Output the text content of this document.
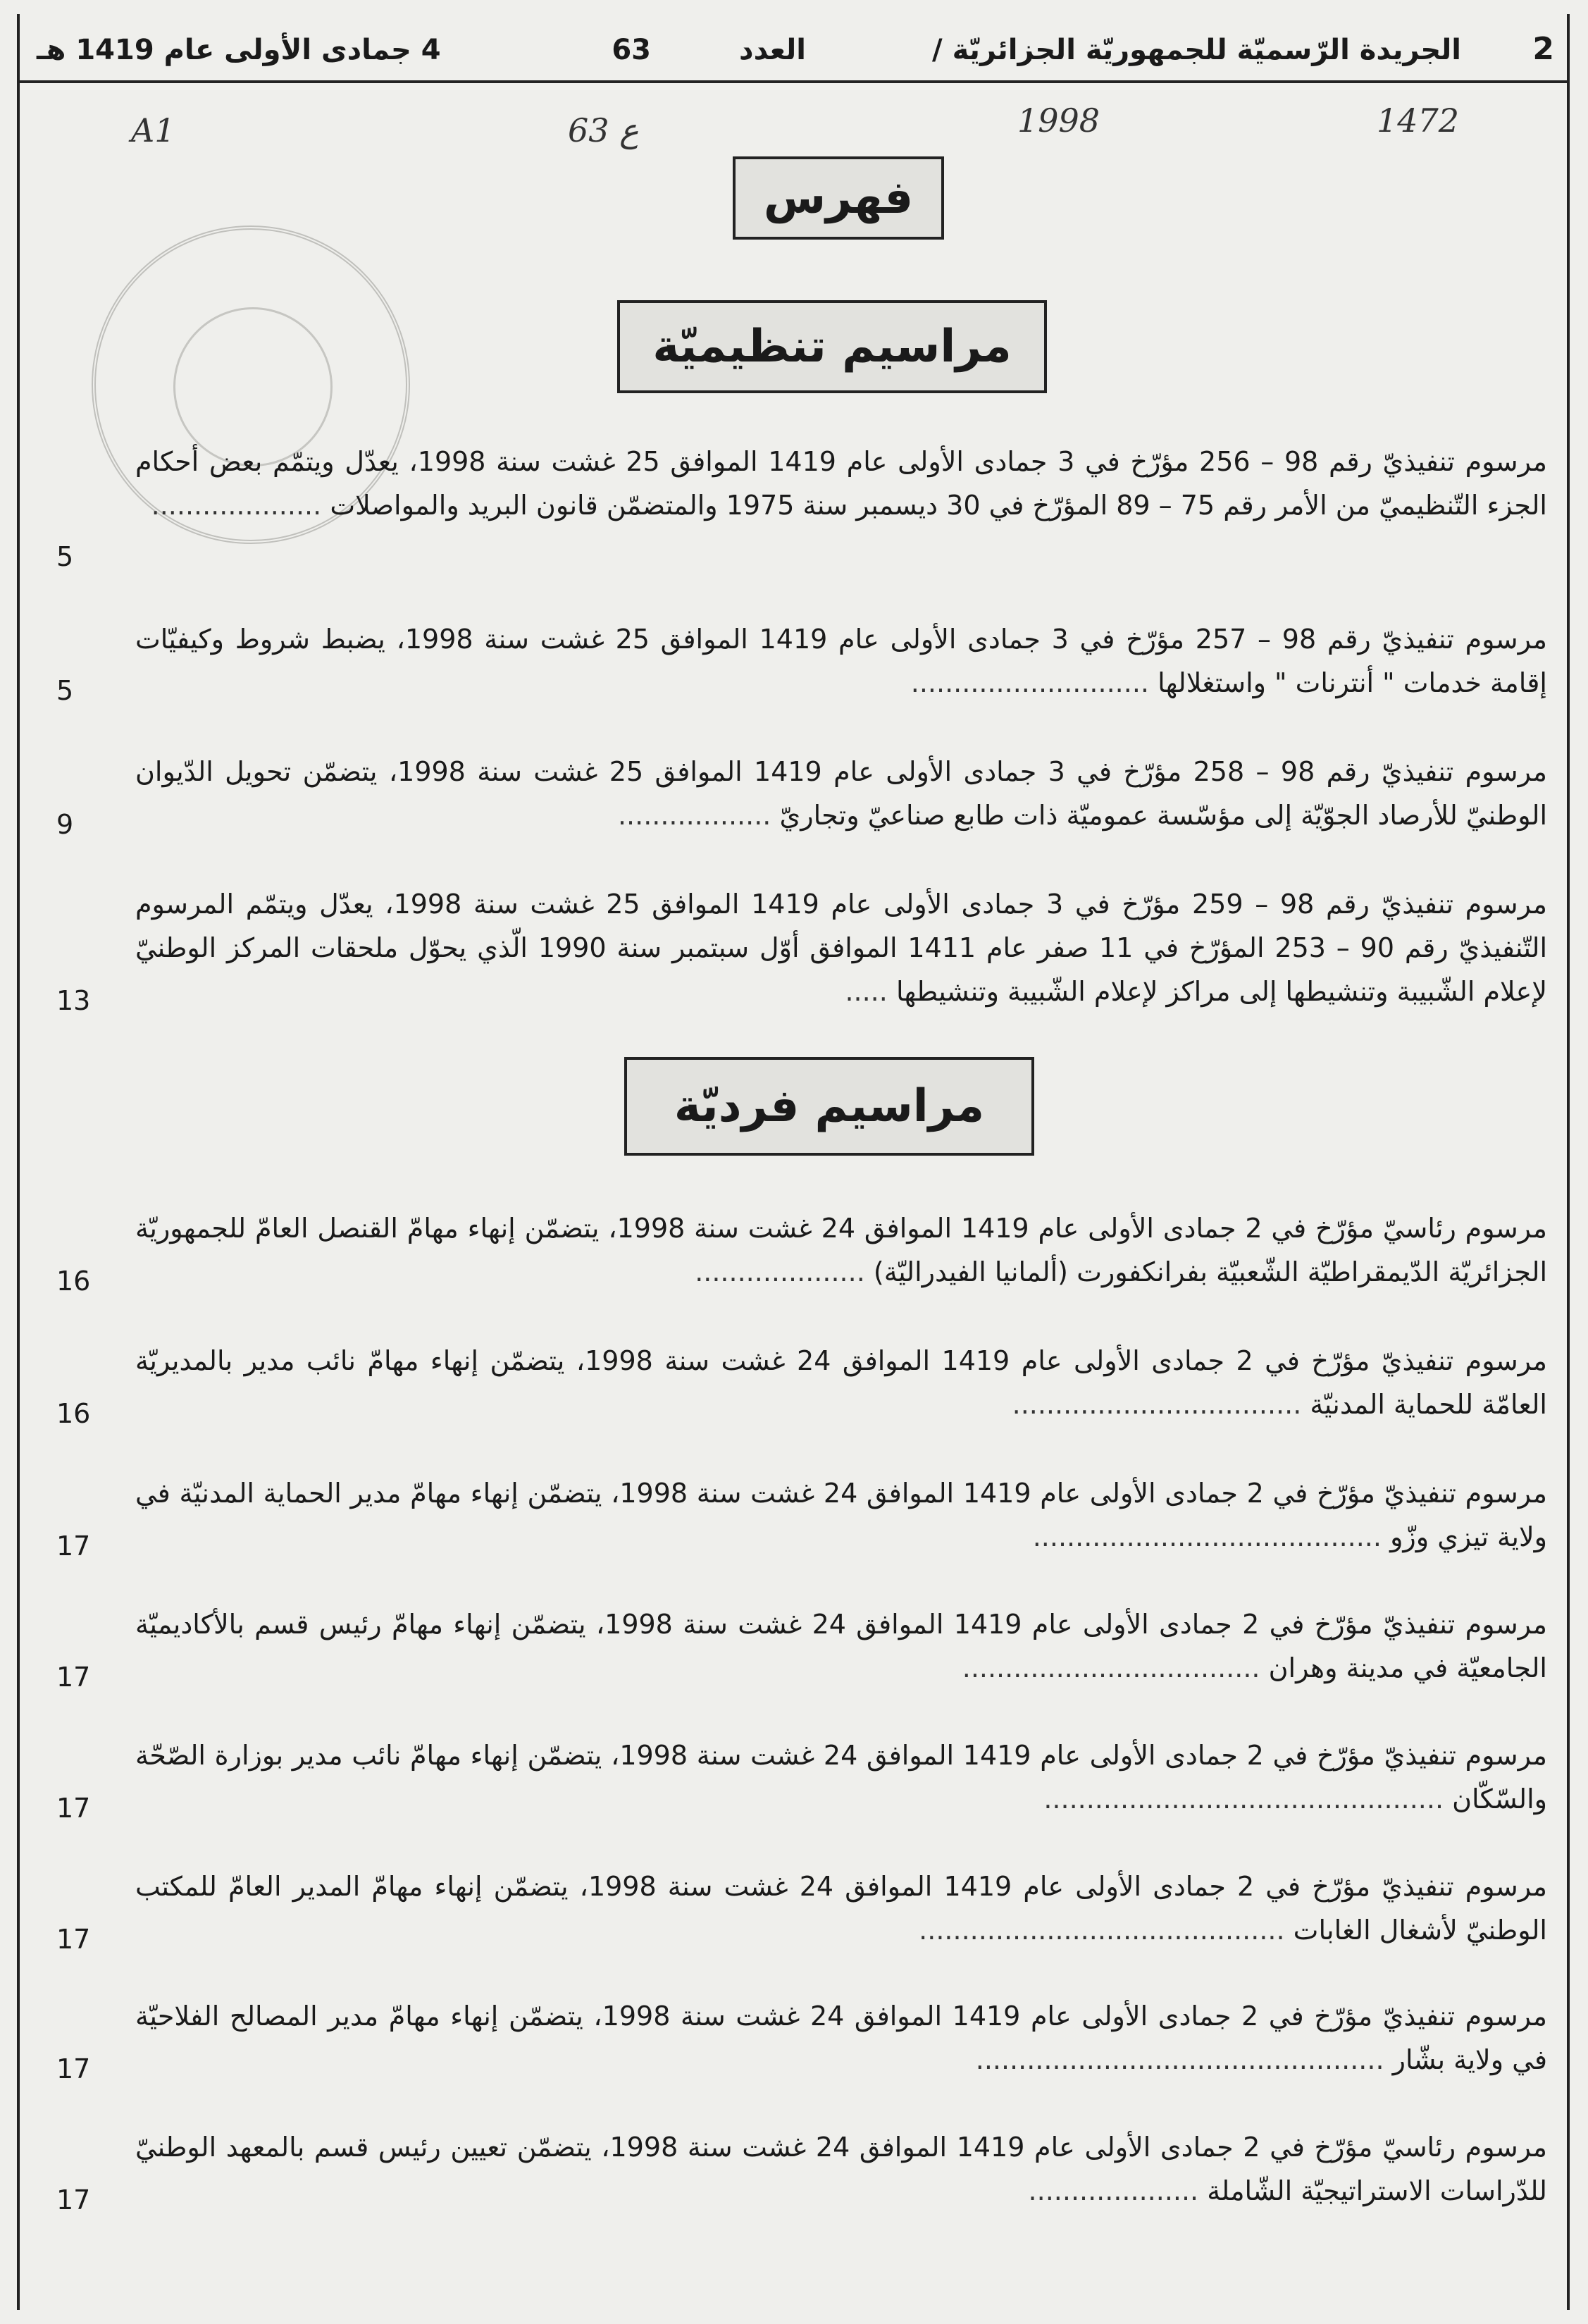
2
الجريدة الرّسميّة للجمهوريّة الجزائريّة /
العدد
63
4 جمادى الأولى عام 1419 هـ
A1	63 ع	1998	1472
فهرس
مراسيم تنظيميّة
مراسيم فرديّة
مرسوم تنفيذيّ رقم 98 – 256 مؤرّخ في 3 جمادى الأولى عام 1419 الموافق 25 غشت سنة 1998، يعدّل ويتمّم بعض أحكام الجزء التّنظيميّ من الأمر رقم 75 – 89 المؤرّخ في 30 ديسمبر سنة 1975 والمتضمّن قانون البريد والمواصلات ....................
5
مرسوم تنفيذيّ رقم 98 – 257 مؤرّخ في 3 جمادى الأولى عام 1419 الموافق 25 غشت سنة 1998، يضبط شروط وكيفيّات إقامة خدمات " أنترنات " واستغلالها ............................
5
مرسوم تنفيذيّ رقم 98 – 258 مؤرّخ في 3 جمادى الأولى عام 1419 الموافق 25 غشت سنة 1998، يتضمّن تحويل الدّيوان الوطنيّ للأرصاد الجوّيّة إلى مؤسّسة عموميّة ذات طابع صناعيّ وتجاريّ ..................
9
مرسوم تنفيذيّ رقم 98 – 259 مؤرّخ في 3 جمادى الأولى عام 1419 الموافق 25 غشت سنة 1998، يعدّل ويتمّم المرسوم التّنفيذيّ رقم 90 – 253 المؤرّخ في 11 صفر عام 1411 الموافق أوّل سبتمبر سنة 1990 الّذي يحوّل ملحقات المركز الوطنيّ لإعلام الشّبيبة وتنشيطها إلى مراكز لإعلام الشّبيبة وتنشيطها .....
13
مرسوم رئاسيّ مؤرّخ في 2 جمادى الأولى عام 1419 الموافق 24 غشت سنة 1998، يتضمّن إنهاء مهامّ القنصل العامّ للجمهوريّة الجزائريّة الدّيمقراطيّة الشّعبيّة بفرانكفورت (ألمانيا الفيدراليّة) ....................
16
مرسوم تنفيذيّ مؤرّخ في 2 جمادى الأولى عام 1419 الموافق 24 غشت سنة 1998، يتضمّن إنهاء مهامّ نائب مدير بالمديريّة العامّة للحماية المدنيّة ..................................
16
مرسوم تنفيذيّ مؤرّخ في 2 جمادى الأولى عام 1419 الموافق 24 غشت سنة 1998، يتضمّن إنهاء مهامّ مدير الحماية المدنيّة في ولاية تيزي وزّو .........................................
17
مرسوم تنفيذيّ مؤرّخ في 2 جمادى الأولى عام 1419 الموافق 24 غشت سنة 1998، يتضمّن إنهاء مهامّ رئيس قسم بالأكاديميّة الجامعيّة في مدينة وهران ...................................
17
مرسوم تنفيذيّ مؤرّخ في 2 جمادى الأولى عام 1419 الموافق 24 غشت سنة 1998، يتضمّن إنهاء مهامّ نائب مدير بوزارة الصّحّة والسّكّان ...............................................
17
مرسوم تنفيذيّ مؤرّخ في 2 جمادى الأولى عام 1419 الموافق 24 غشت سنة 1998، يتضمّن إنهاء مهامّ المدير العامّ للمكتب الوطنيّ لأشغال الغابات ...........................................
17
مرسوم تنفيذيّ مؤرّخ في 2 جمادى الأولى عام 1419 الموافق 24 غشت سنة 1998، يتضمّن إنهاء مهامّ مدير المصالح الفلاحيّة في ولاية بشّار ................................................
17
مرسوم رئاسيّ مؤرّخ في 2 جمادى الأولى عام 1419 الموافق 24 غشت سنة 1998، يتضمّن تعيين رئيس قسم بالمعهد الوطنيّ للدّراسات الاستراتيجيّة الشّاملة ....................
17
